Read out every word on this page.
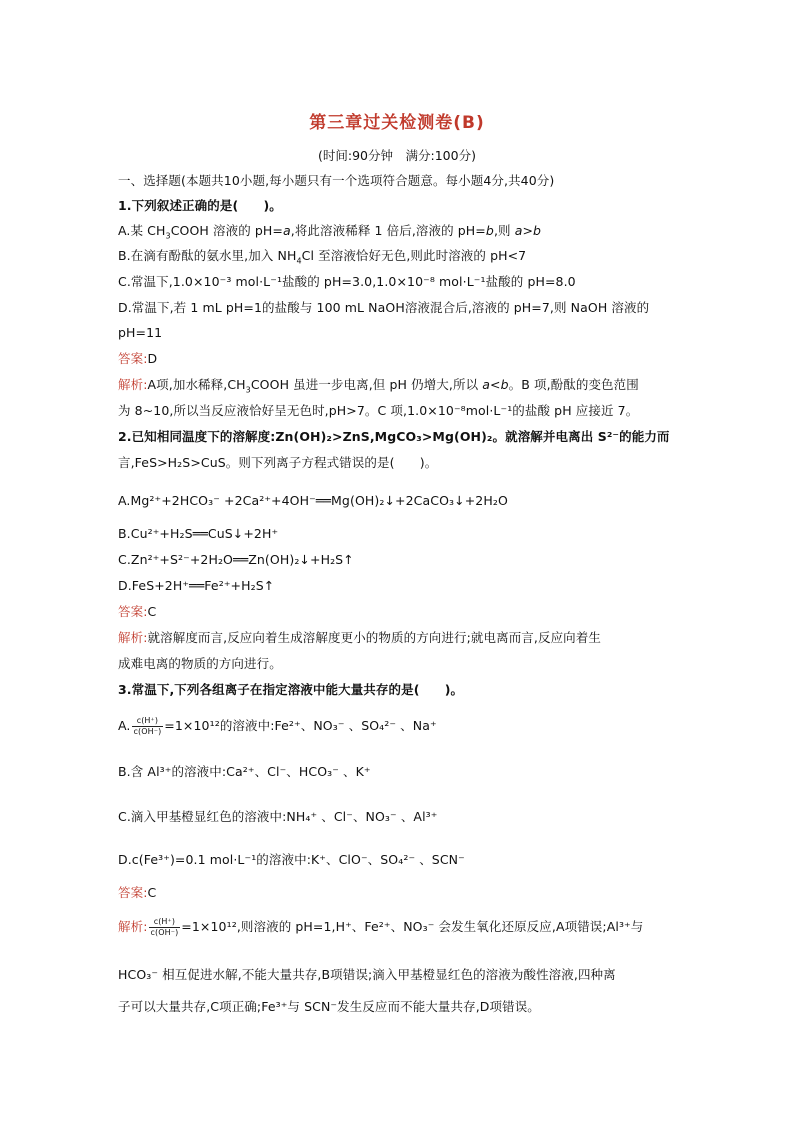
第三章过关检测卷(B)
(时间:90分钟　满分:100分)
一、选择题(本题共10小题,每小题只有一个选项符合题意。每小题4分,共40分)
1.下列叙述正确的是(　　)。
A.某 $CH_3COOH$ 溶液的 pH=a,将此溶液稀释 1 倍后,溶液的 pH=b,则 a>b
B.在滴有酚酞的氨水里,加入 $NH_4Cl$ 至溶液恰好无色,则此时溶液的 pH<7
C.常温下,1.0×10⁻³ mol·L⁻¹盐酸的 pH=3.0,1.0×10⁻⁸ mol·L⁻¹盐酸的 pH=8.0
D.常温下,若 1 mL pH=1的盐酸与 100 mL NaOH溶液混合后,溶液的 pH=7,则 NaOH 溶液的
pH=11
答案:D
解析:A项,加水稀释$,CH_3COOH$ 虽进一步电离,但 pH 仍增大,所以 a<b。B 项,酚酞的变色范围
为 8~10,所以当反应液恰好呈无色时,pH>7。C 项,1.0×10⁻⁸mol·L⁻¹的盐酸 pH 应接近 7。
2.已知相同温度下的溶解度:Zn(OH)₂>ZnS,MgCO₃>Mg(OH)₂。就溶解并电离出 S²⁻的能力而
言,FeS>H₂S>CuS。则下列离子方程式错误的是(　　)。
A.Mg²⁺+2HCO₃⁻ +2Ca²⁺+4OH⁻══Mg(OH)₂↓+2CaCO₃↓+2H₂O
B.Cu²⁺+H₂S══CuS↓+2H⁺
C.Zn²⁺+S²⁻+2H₂O══Zn(OH)₂↓+H₂S↑
D.FeS+2H⁺══Fe²⁺+H₂S↑
答案:C
解析:就溶解度而言,反应向着生成溶解度更小的物质的方向进行;就电离而言,反应向着生
成难电离的物质的方向进行。
3.常温下,下列各组离子在指定溶液中能大量共存的是(　　)。
A. $\frac{c(H^+)}{c(OH^-)} =1\times 10^{12}$的溶液中:Fe²⁺、NO₃⁻ 、SO₄²⁻ 、Na⁺
B.含 Al³⁺的溶液中:Ca²⁺、Cl⁻、HCO₃⁻ 、K⁺
C.滴入甲基橙显红色的溶液中:NH₄⁺ 、Cl⁻、NO₃⁻ 、Al³⁺
D.c(Fe³⁺)=0.1 mol·L⁻¹的溶液中:K⁺、ClO⁻、SO₄²⁻ 、SCN⁻
答案:C
解析: $\frac{c(H^+)}{c(OH^-)} =1\times 10^{12}$,则溶液的 pH=1,H⁺、Fe²⁺、NO₃⁻ 会发生氧化还原反应,A项错误;Al³⁺与
HCO₃⁻ 相互促进水解,不能大量共存,B项错误;滴入甲基橙显红色的溶液为酸性溶液,四种离
子可以大量共存,C项正确;Fe³⁺与 SCN⁻发生反应而不能大量共存,D项错误。
